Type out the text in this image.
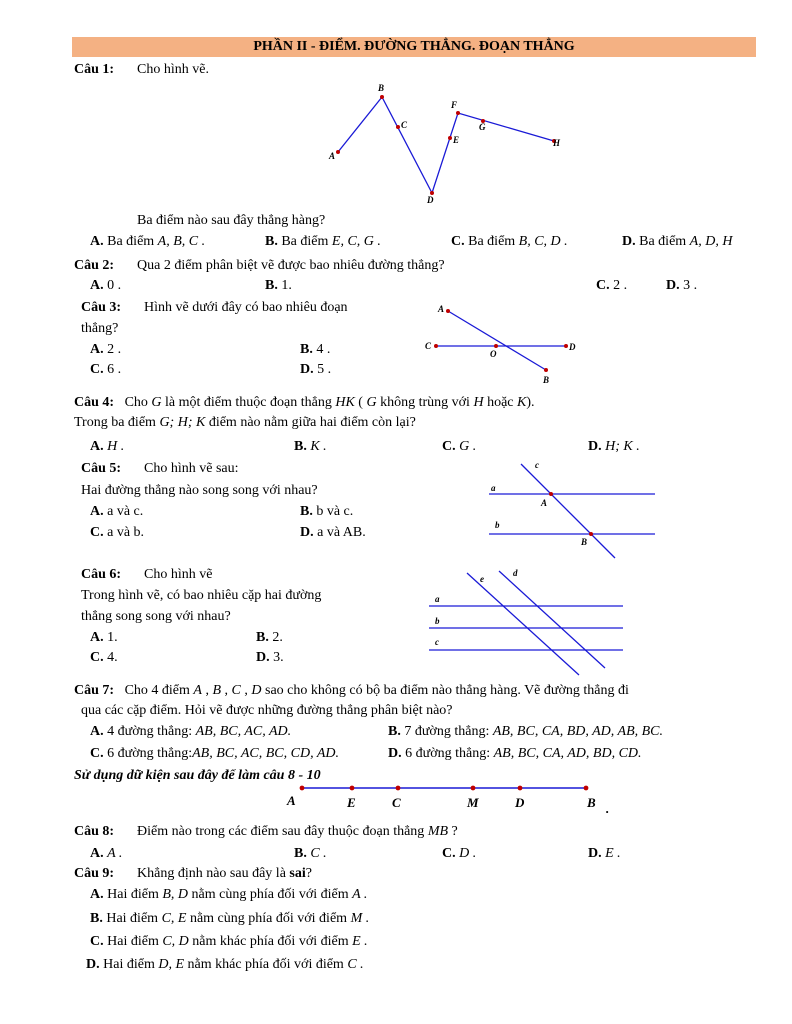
PHẦN II - ĐIỂM. ĐƯỜNG THẲNG. ĐOẠN THẲNG
Câu 1: Cho hình vẽ.
A
B
C
D
E
F
G
H
Ba điểm nào sau đây thẳng hàng?
A. Ba điểm A, B, C .	B. Ba điểm E, C, G .	C. Ba điểm B, C, D .	D. Ba điểm A, D, H
Câu 2: Qua 2 điểm phân biệt vẽ được bao nhiêu đường thẳng?
A. 0 .	B. 1.	C. 2 .	D. 3 .
Câu 3: Hình vẽ dưới đây có bao nhiêu đoạn
thẳng?
A. 2 .	B. 4 .
C. 6 .	D. 5 .
A
B
C	D
O
Câu 4: Cho G là một điểm thuộc đoạn thẳng HK ( G không trùng với H hoặc K).
Trong ba điểm G; H; K điểm nào nằm giữa hai điểm còn lại?
A. H .	B. K .	C. G .	D. H; K .
Câu 5: Cho hình vẽ sau:
Hai đường thẳng nào song song với nhau?
A. a và c.	B. b và c.
C. a và b.	D. a và AB.
a
b
c
A
B
Câu 6: Cho hình vẽ
Trong hình vẽ, có bao nhiêu cặp hai đường
thẳng song song với nhau?
A. 1.	B. 2.
C. 4.	D. 3.
a
b
c
d
e
Câu 7: Cho 4 điểm A , B , C , D sao cho không có bộ ba điểm nào thẳng hàng. Vẽ đường thẳng đi
qua các cặp điểm. Hỏi vẽ được những đường thẳng phân biệt nào?
A. 4 đường thẳng: AB, BC, AC, AD.	B. 7 đường thẳng: AB, BC, CA, BD, AD, AB, BC.
C. 6 đường thẳng:AB, BC, AC, BC, CD, AD.	D. 6 đường thẳng: AB, BC, CA, AD, BD, CD.
Sử dụng dữ kiện sau đây để làm câu 8 - 10
A	E	C	M	D	B .
Câu 8: Điểm nào trong các điểm sau đây thuộc đoạn thẳng MB ?
A. A .	B. C .	C. D .	D. E .
Câu 9: Khẳng định nào sau đây là sai?
A. Hai điểm B, D nằm cùng phía đối với điểm A .
B. Hai điểm C, E nằm cùng phía đối với điểm M .
C. Hai điểm C, D nằm khác phía đối với điểm E .
D. Hai điểm D, E nằm khác phía đối với điểm C .
